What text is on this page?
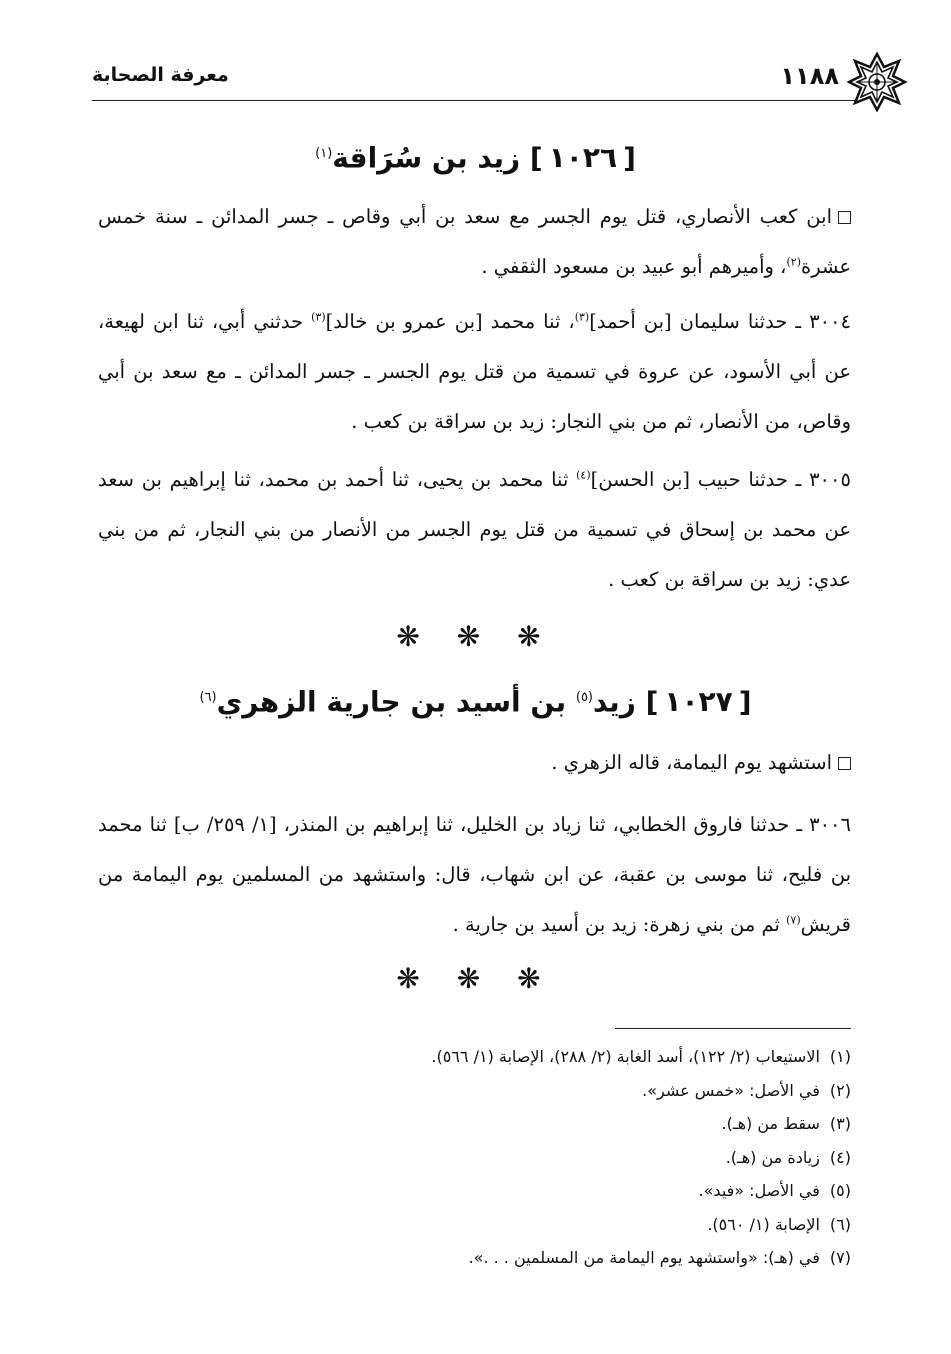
١١٨٨
معرفة الصحابة
[١٠٢٦] زيد بن سُرَاقة$^{(١)}$

ابن كعب الأنصاري، قتل يوم الجسر مع سعد بن أبي وقاص ـ جسر المدائن ـ سنة خمس عشرة$^{(٢)}$، وأميرهم أبو عبيد بن مسعود الثقفي .

٣٠٠٤ ـ حدثنا سليمان [بن أحمد]$^{(٣)}$، ثنا محمد [بن عمرو بن خالد]$^{(٣)}$ حدثني أبي، ثنا ابن لهيعة، عن أبي الأسود، عن عروة في تسمية من قتل يوم الجسر ـ جسر المدائن ـ مع سعد بن أبي وقاص، من الأنصار، ثم من بني النجار: زيد بن سراقة بن كعب .

٣٠٠٥ ـ حدثنا حبيب [بن الحسن]$^{(٤)}$ ثنا محمد بن يحيى، ثنا أحمد بن محمد، ثنا إبراهيم بن سعد عن محمد بن إسحاق في تسمية من قتل يوم الجسر من الأنصار من بني النجار، ثم من بني عدي: زيد بن سراقة بن كعب .

❋ ❋ ❋
[١٠٢٧] زيد$^{(٥)}$ بن أسيد بن جارية الزهري$^{(٦)}$

استشهد يوم اليمامة، قاله الزهري .

٣٠٠٦ ـ حدثنا فاروق الخطابي، ثنا زياد بن الخليل، ثنا إبراهيم بن المنذر، [١/ ٢٥٩/ ب] ثنا محمد بن فليح، ثنا موسى بن عقبة، عن ابن شهاب، قال: واستشهد من المسلمين يوم اليمامة من قريش$^{(٧)}$ ثم من بني زهرة: زيد بن أسيد بن جارية .

❋ ❋ ❋
(١)الاستيعاب (٢/ ١٢٢)، أسد الغابة (٢/ ٢٨٨)، الإصابة (١/ ٥٦٦).
(٢)في الأصل: «خمس عشر».
(٣)سقط من (هـ).
(٤)زيادة من (هـ).
(٥)في الأصل: «فيد».
(٦)الإصابة (١/ ٥٦٠).
(٧)في (هـ): «واستشهد يوم اليمامة من المسلمين . . .».
